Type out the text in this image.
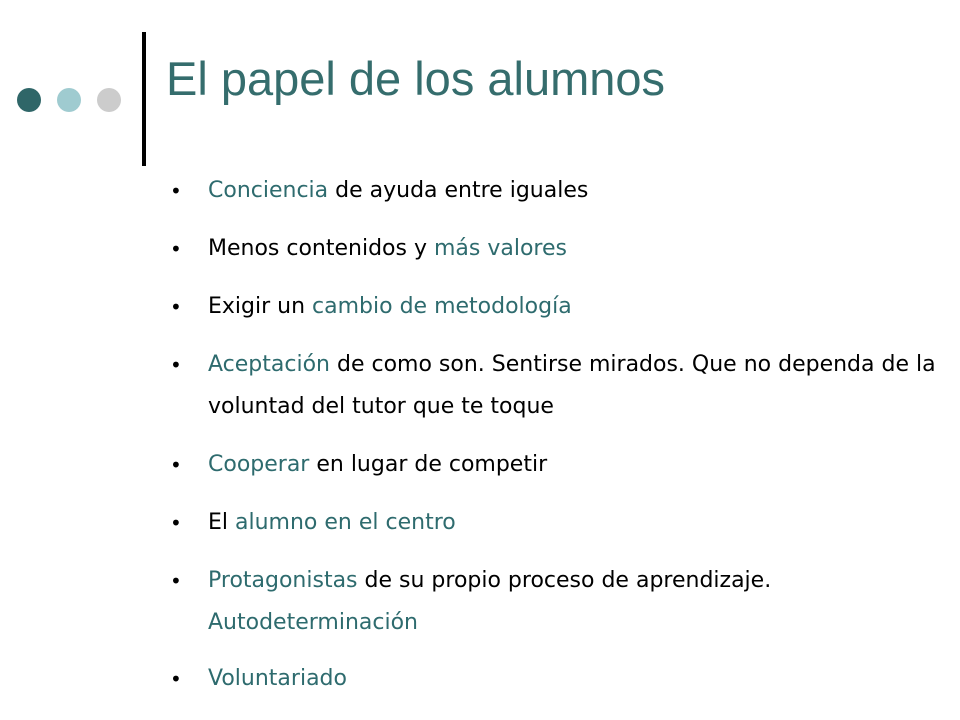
El papel de los alumnos
• Conciencia de ayuda entre iguales
• Menos contenidos y más valores
• Exigir un cambio de metodología
• Aceptación de como son. Sentirse mirados. Que no dependa de la voluntad del tutor que te toque
• Cooperar en lugar de competir
• El alumno en el centro
• Protagonistas de su propio proceso de aprendizaje. Autodeterminación
• Voluntariado
